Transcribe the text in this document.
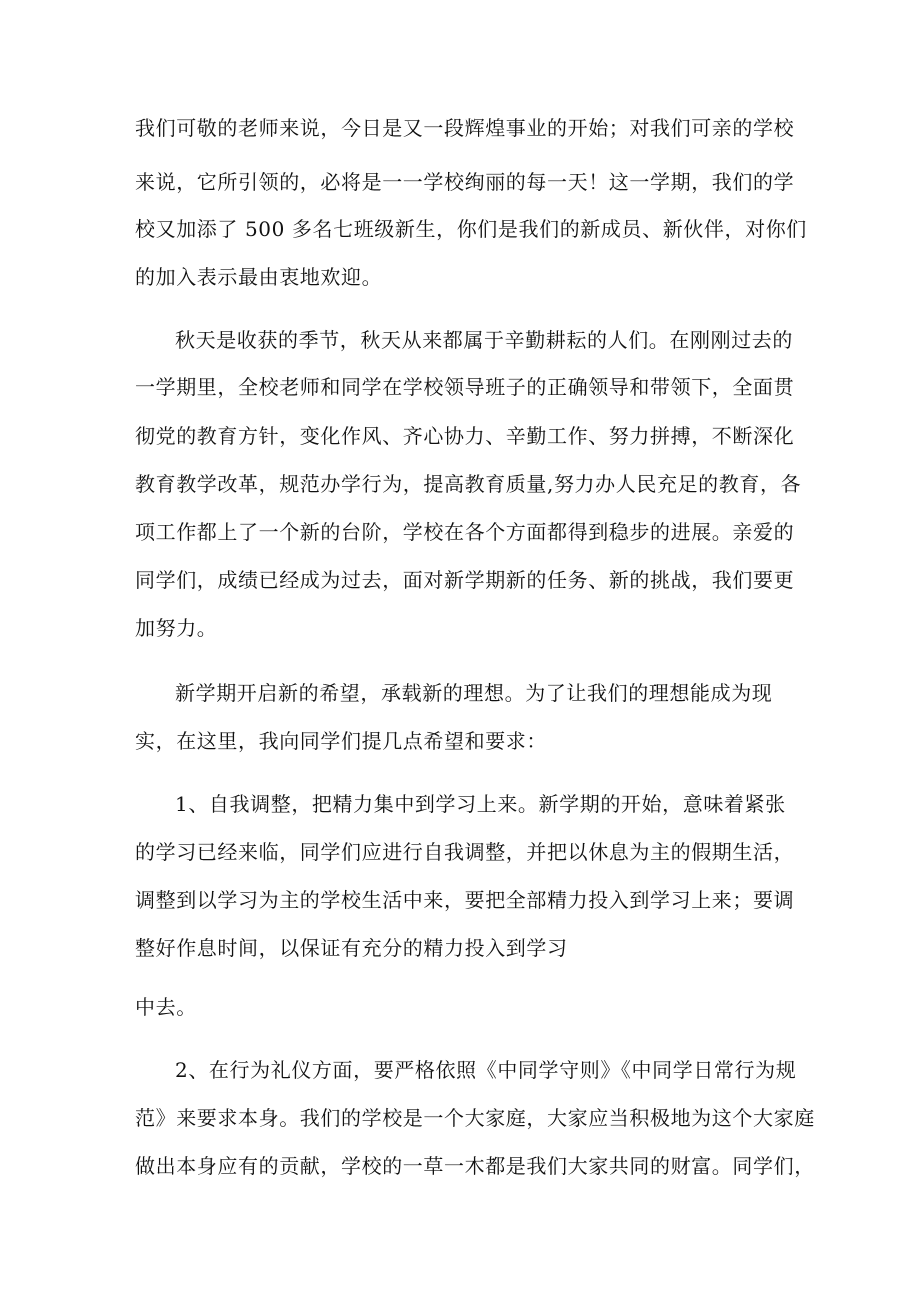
我们可敬的老师来说，今日是又一段辉煌事业的开始；对我们可亲的学校
来说，它所引领的，必将是一一学校绚丽的每一天！这一学期，我们的学
校又加添了 500 多名七班级新生，你们是我们的新成员、新伙伴，对你们
的加入表示最由衷地欢迎。
秋天是收获的季节，秋天从来都属于辛勤耕耘的人们。在刚刚过去的
一学期里，全校老师和同学在学校领导班子的正确领导和带领下，全面贯
彻党的教育方针，变化作风、齐心协力、辛勤工作、努力拼搏，不断深化
教育教学改革，规范办学行为，提高教育质量,努力办人民充足的教育，各
项工作都上了一个新的台阶，学校在各个方面都得到稳步的进展。亲爱的
同学们，成绩已经成为过去，面对新学期新的任务、新的挑战，我们要更
加努力。
新学期开启新的希望，承载新的理想。为了让我们的理想能成为现
实，在这里，我向同学们提几点希望和要求：
1、自我调整，把精力集中到学习上来。新学期的开始，意味着紧张
的学习已经来临，同学们应进行自我调整，并把以休息为主的假期生活，
调整到以学习为主的学校生活中来，要把全部精力投入到学习上来；要调
整好作息时间，以保证有充分的精力投入到学习
中去。
2、在行为礼仪方面，要严格依照《中同学守则》《中同学日常行为规
范》来要求本身。我们的学校是一个大家庭，大家应当积极地为这个大家庭
做出本身应有的贡献，学校的一草一木都是我们大家共同的财富。同学们，
